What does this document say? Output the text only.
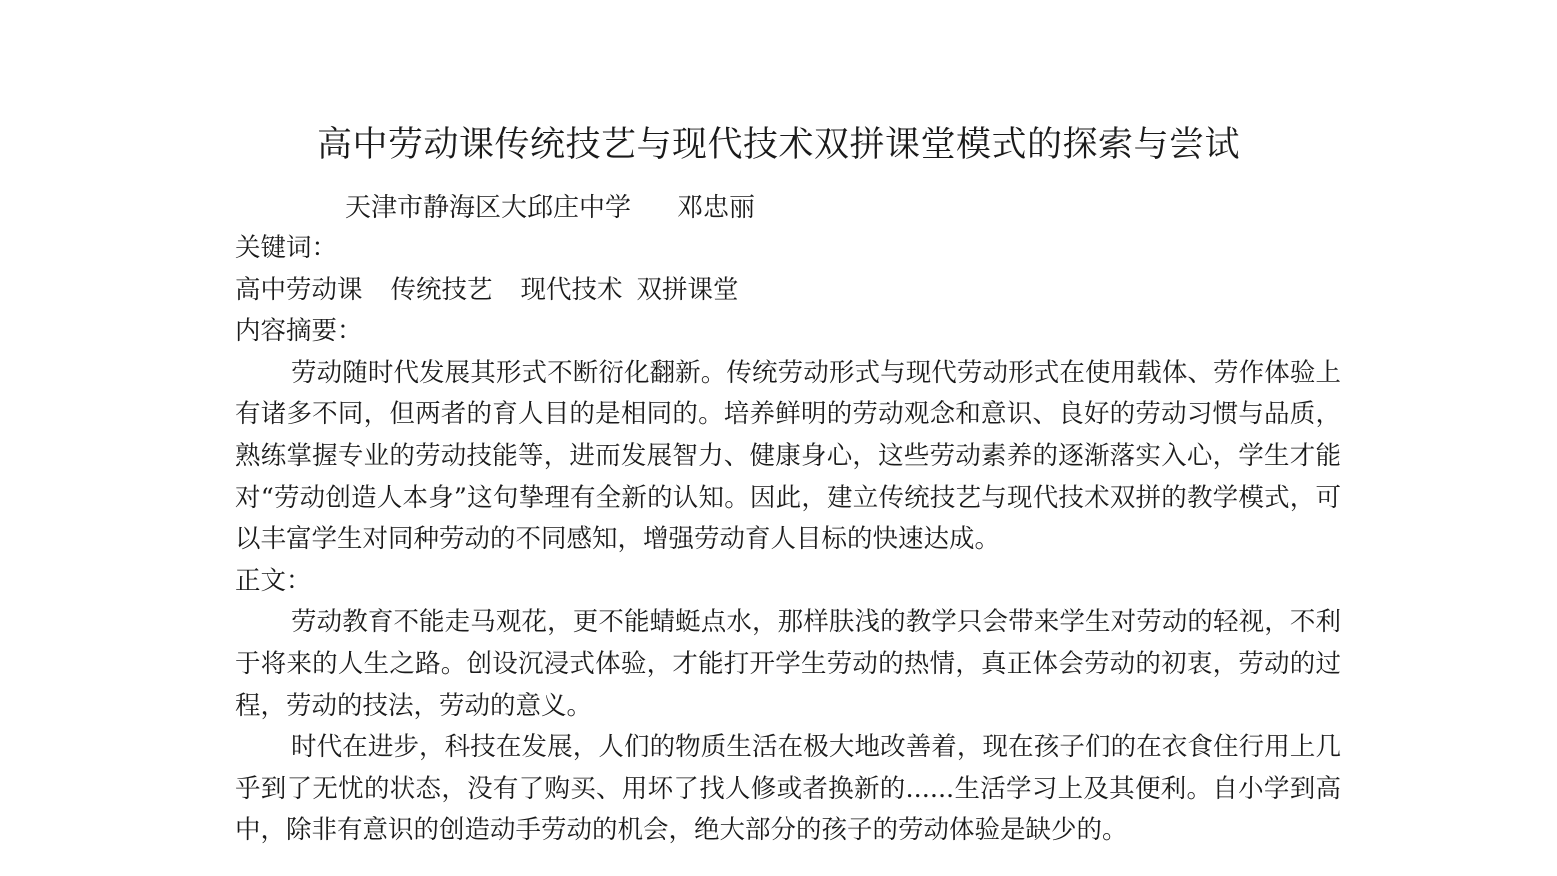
高中劳动课传统技艺与现代技术双拼课堂模式的探索与尝试
天津市静海区大邱庄中学 邓忠丽
关键词：
高中劳动课 传统技艺 现代技术 双拼课堂
内容摘要：
劳动随时代发展其形式不断衍化翻新。传统劳动形式与现代劳动形式在使用载体、劳作体验上有诸多不同，但两者的育人目的是相同的。培养鲜明的劳动观念和意识、良好的劳动习惯与品质，熟练掌握专业的劳动技能等，进而发展智力、健康身心，这些劳动素养的逐渐落实入心，学生才能对“劳动创造人本身”这句挚理有全新的认知。因此，建立传统技艺与现代技术双拼的教学模式，可以丰富学生对同种劳动的不同感知，增强劳动育人目标的快速达成。
正文：
劳动教育不能走马观花，更不能蜻蜓点水，那样肤浅的教学只会带来学生对劳动的轻视，不利于将来的人生之路。创设沉浸式体验，才能打开学生劳动的热情，真正体会劳动的初衷，劳动的过程，劳动的技法，劳动的意义。
时代在进步，科技在发展，人们的物质生活在极大地改善着，现在孩子们的在衣食住行用上几乎到了无忧的状态，没有了购买、用坏了找人修或者换新的......生活学习上及其便利。自小学到高中，除非有意识的创造动手劳动的机会，绝大部分的孩子的劳动体验是缺少的。
